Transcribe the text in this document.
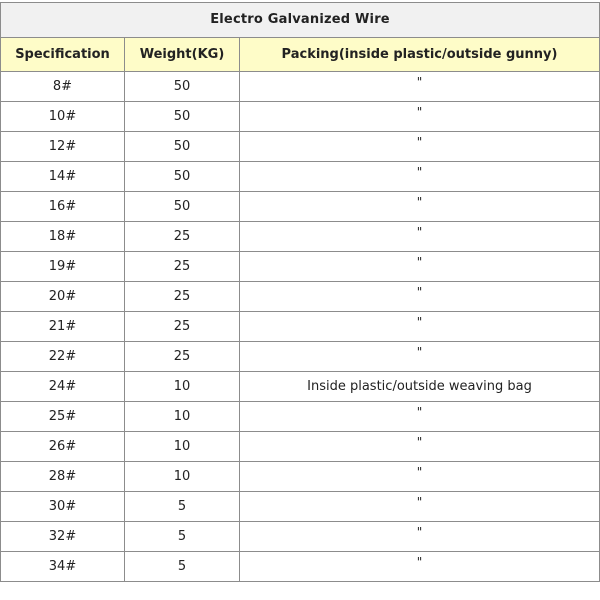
Electro Galvanized Wire		
Specification	Weight(KG)	Packing(inside plastic/outside gunny)
8#	50	"
10#	50	"
12#	50	"
14#	50	"
16#	50	"
18#	25	"
19#	25	"
20#	25	"
21#	25	"
22#	25	"
24#	10	Inside plastic/outside weaving bag
25#	10	"
26#	10	"
28#	10	"
30#	5	"
32#	5	"
34#	5	"
